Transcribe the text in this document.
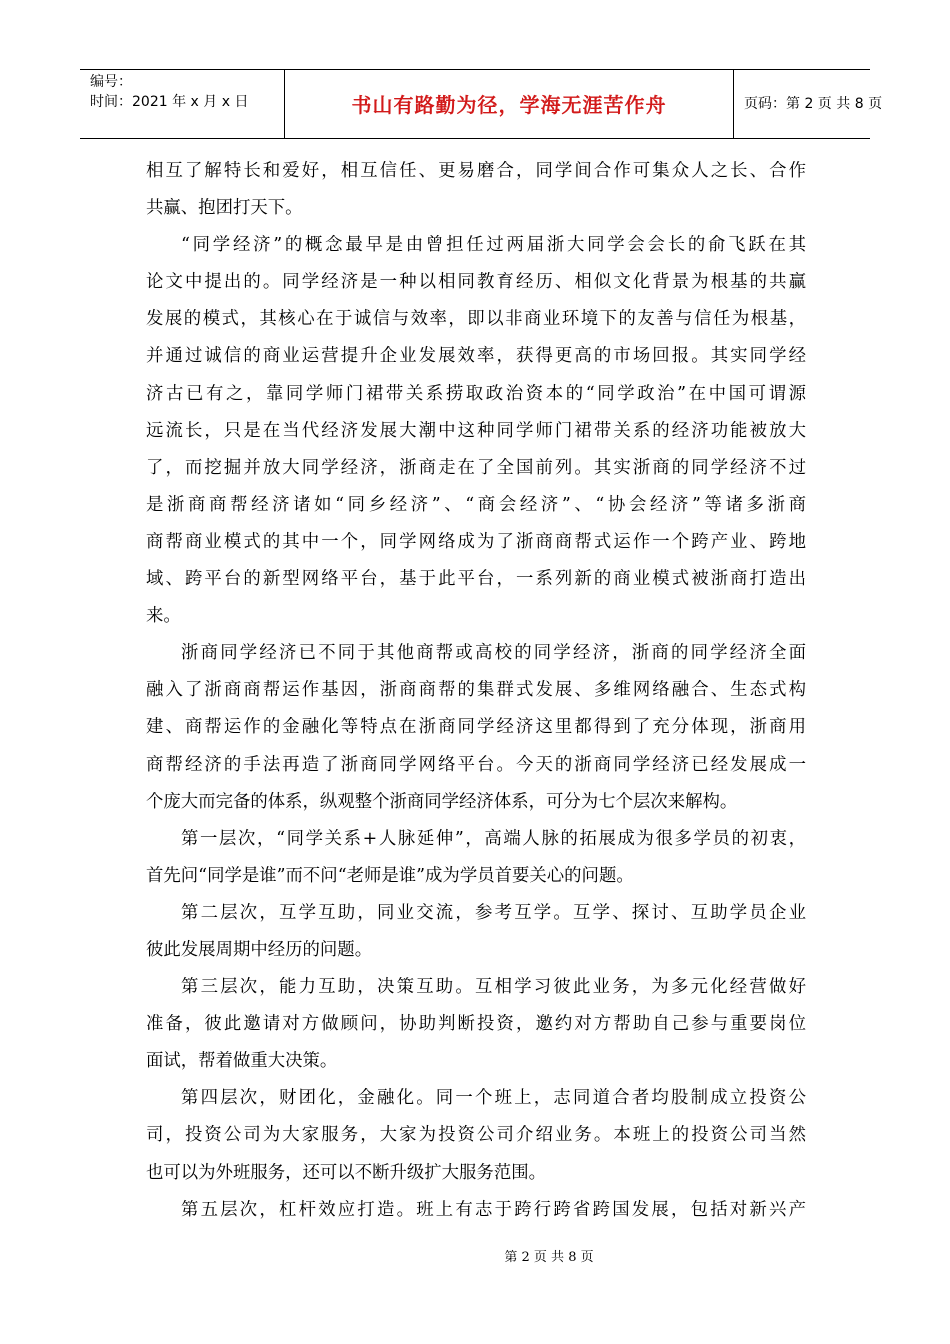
编号：
时间：2021 年 x 月 x 日	书山有路勤为径，学海无涯苦作舟	页码：第 2 页 共 8 页
相互了解特长和爱好，相互信任、更易磨合，同学间合作可集众人之长、合作
共赢、抱团打天下。
“同学经济”的概念最早是由曾担任过两届浙大同学会会长的俞飞跃在其
论文中提出的。同学经济是一种以相同教育经历、相似文化背景为根基的共赢
发展的模式，其核心在于诚信与效率，即以非商业环境下的友善与信任为根基，
并通过诚信的商业运营提升企业发展效率，获得更高的市场回报。其实同学经
济古已有之，靠同学师门裙带关系捞取政治资本的“同学政治”在中国可谓源
远流长，只是在当代经济发展大潮中这种同学师门裙带关系的经济功能被放大
了，而挖掘并放大同学经济，浙商走在了全国前列。其实浙商的同学经济不过
是浙商商帮经济诸如“同乡经济”、“商会经济”、“协会经济”等诸多浙商
商帮商业模式的其中一个，同学网络成为了浙商商帮式运作一个跨产业、跨地
域、跨平台的新型网络平台，基于此平台，一系列新的商业模式被浙商打造出
来。
浙商同学经济已不同于其他商帮或高校的同学经济，浙商的同学经济全面
融入了浙商商帮运作基因，浙商商帮的集群式发展、多维网络融合、生态式构
建、商帮运作的金融化等特点在浙商同学经济这里都得到了充分体现，浙商用
商帮经济的手法再造了浙商同学网络平台。今天的浙商同学经济已经发展成一
个庞大而完备的体系，纵观整个浙商同学经济体系，可分为七个层次来解构。
第一层次，“同学关系+人脉延伸”，高端人脉的拓展成为很多学员的初衷，
首先问“同学是谁”而不问“老师是谁”成为学员首要关心的问题。
第二层次，互学互助，同业交流，参考互学。互学、探讨、互助学员企业
彼此发展周期中经历的问题。
第三层次，能力互助，决策互助。互相学习彼此业务，为多元化经营做好
准备，彼此邀请对方做顾问，协助判断投资，邀约对方帮助自己参与重要岗位
面试，帮着做重大决策。
第四层次，财团化，金融化。同一个班上，志同道合者均股制成立投资公
司，投资公司为大家服务，大家为投资公司介绍业务。本班上的投资公司当然
也可以为外班服务，还可以不断升级扩大服务范围。
第五层次，杠杆效应打造。班上有志于跨行跨省跨国发展，包括对新兴产
第 2 页 共 8 页
